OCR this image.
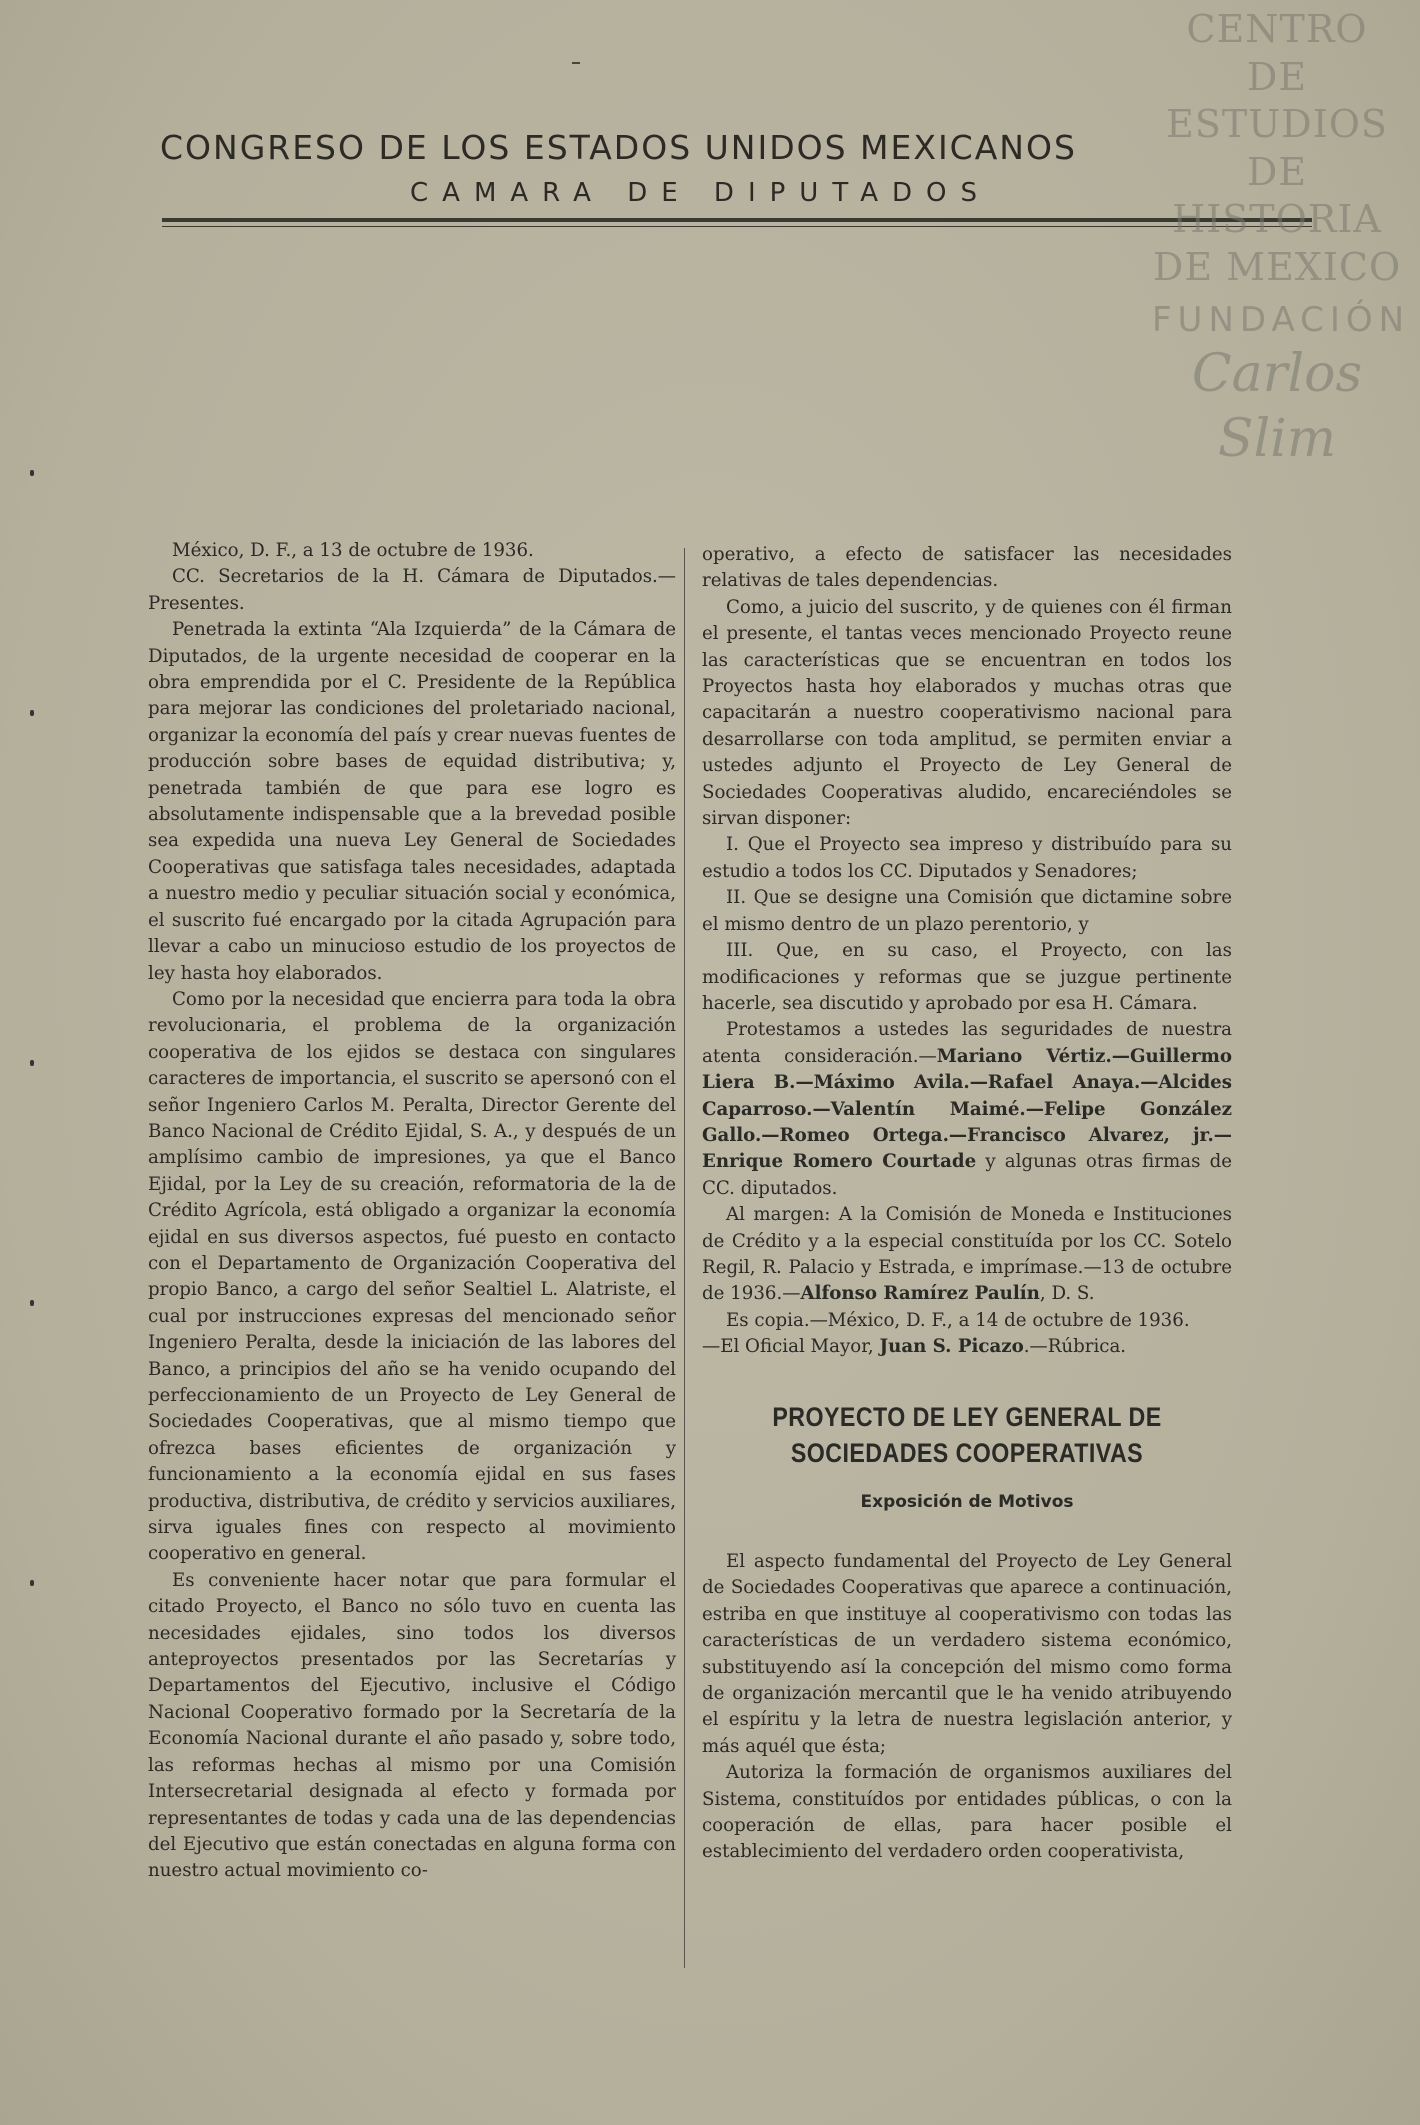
CONGRESO DE LOS ESTADOS UNIDOS MEXICANOS
CAMARA DE DIPUTADOS
CENTRO DE
ESTUDIOS
DE HISTORIA
DE MEXICO
FUNDACIÓN
Carlos Slim

México, D. F., a 13 de octubre de 1936.

CC. Secretarios de la H. Cámara de Diputados.— Presentes.

Penetrada la extinta “Ala Izquierda” de la Cámara de Diputados, de la urgente necesidad de cooperar en la obra emprendida por el C. Presidente de la República para mejorar las condiciones del proletariado nacional, organizar la economía del país y crear nuevas fuentes de producción sobre bases de equidad distributiva; y, penetrada también de que para ese logro es absolutamente indispensable que a la brevedad posible sea expedida una nueva Ley General de Sociedades Cooperativas que satisfaga tales necesidades, adaptada a nuestro medio y peculiar situación social y económica, el suscrito fué encargado por la citada Agrupación para llevar a cabo un minucioso estudio de los proyectos de ley hasta hoy elaborados.

Como por la necesidad que encierra para toda la obra revolucionaria, el problema de la organización cooperativa de los ejidos se destaca con singulares caracteres de importancia, el suscrito se apersonó con el señor Ingeniero Carlos M. Peralta, Director Gerente del Banco Nacional de Crédito Ejidal, S. A., y después de un amplísimo cambio de impresiones, ya que el Banco Ejidal, por la Ley de su creación, reformatoria de la de Crédito Agrícola, está obligado a organizar la economía ejidal en sus diversos aspectos, fué puesto en contacto con el Departamento de Organización Cooperativa del propio Banco, a cargo del señor Sealtiel L. Alatriste, el cual por instrucciones expresas del mencionado señor Ingeniero Peralta, desde la iniciación de las labores del Banco, a principios del año se ha venido ocupando del perfeccionamiento de un Proyecto de Ley General de Sociedades Cooperativas, que al mismo tiempo que ofrezca bases eficientes de organización y funcionamiento a la economía ejidal en sus fases productiva, distributiva, de crédito y servicios auxiliares, sirva iguales fines con respecto al movimiento cooperativo en general.

Es conveniente hacer notar que para formular el citado Proyecto, el Banco no sólo tuvo en cuenta las necesidades ejidales, sino todos los diversos anteproyectos presentados por las Secretarías y Departamentos del Ejecutivo, inclusive el Código Nacional Cooperativo formado por la Secretaría de la Economía Nacional durante el año pasado y, sobre todo, las reformas hechas al mismo por una Comisión Intersecretarial designada al efecto y formada por representantes de todas y cada una de las dependencias del Ejecutivo que están conectadas en alguna forma con nuestro actual movimiento co-

operativo, a efecto de satisfacer las necesidades relativas de tales dependencias.

Como, a juicio del suscrito, y de quienes con él firman el presente, el tantas veces mencionado Proyecto reune las características que se encuentran en todos los Proyectos hasta hoy elaborados y muchas otras que capacitarán a nuestro cooperativismo nacional para desarrollarse con toda amplitud, se permiten enviar a ustedes adjunto el Proyecto de Ley General de Sociedades Cooperativas aludido, encareciéndoles se sirvan disponer:

I. Que el Proyecto sea impreso y distribuído para su estudio a todos los CC. Diputados y Senadores;

II. Que se designe una Comisión que dictamine sobre el mismo dentro de un plazo perentorio, y

III. Que, en su caso, el Proyecto, con las modificaciones y reformas que se juzgue pertinente hacerle, sea discutido y aprobado por esa H. Cámara.

Protestamos a ustedes las seguridades de nuestra atenta consideración.—Mariano Vértiz.—Guillermo Liera B.—Máximo Avila.—Rafael Anaya.—Alcides Caparroso.—Valentín Maimé.—Felipe González Gallo.—Romeo Ortega.—Francisco Alvarez, jr.—Enrique Romero Courtade y algunas otras firmas de CC. diputados.

Al margen: A la Comisión de Moneda e Instituciones de Crédito y a la especial constituída por los CC. Sotelo Regil, R. Palacio y Estrada, e imprímase.—13 de octubre de 1936.—Alfonso Ramírez Paulín, D. S.

Es copia.—México, D. F., a 14 de octubre de 1936.

—El Oficial Mayor, Juan S. Picazo.—Rúbrica.

PROYECTO DE LEY GENERAL DE SOCIEDADES COOPERATIVAS
Exposición de Motivos

El aspecto fundamental del Proyecto de Ley General de Sociedades Cooperativas que aparece a continuación, estriba en que instituye al cooperativismo con todas las características de un verdadero sistema económico, substituyendo así la concepción del mismo como forma de organización mercantil que le ha venido atribuyendo el espíritu y la letra de nuestra legislación anterior, y más aquél que ésta;

Autoriza la formación de organismos auxiliares del Sistema, constituídos por entidades públicas, o con la cooperación de ellas, para hacer posible el establecimiento del verdadero orden cooperativista,
